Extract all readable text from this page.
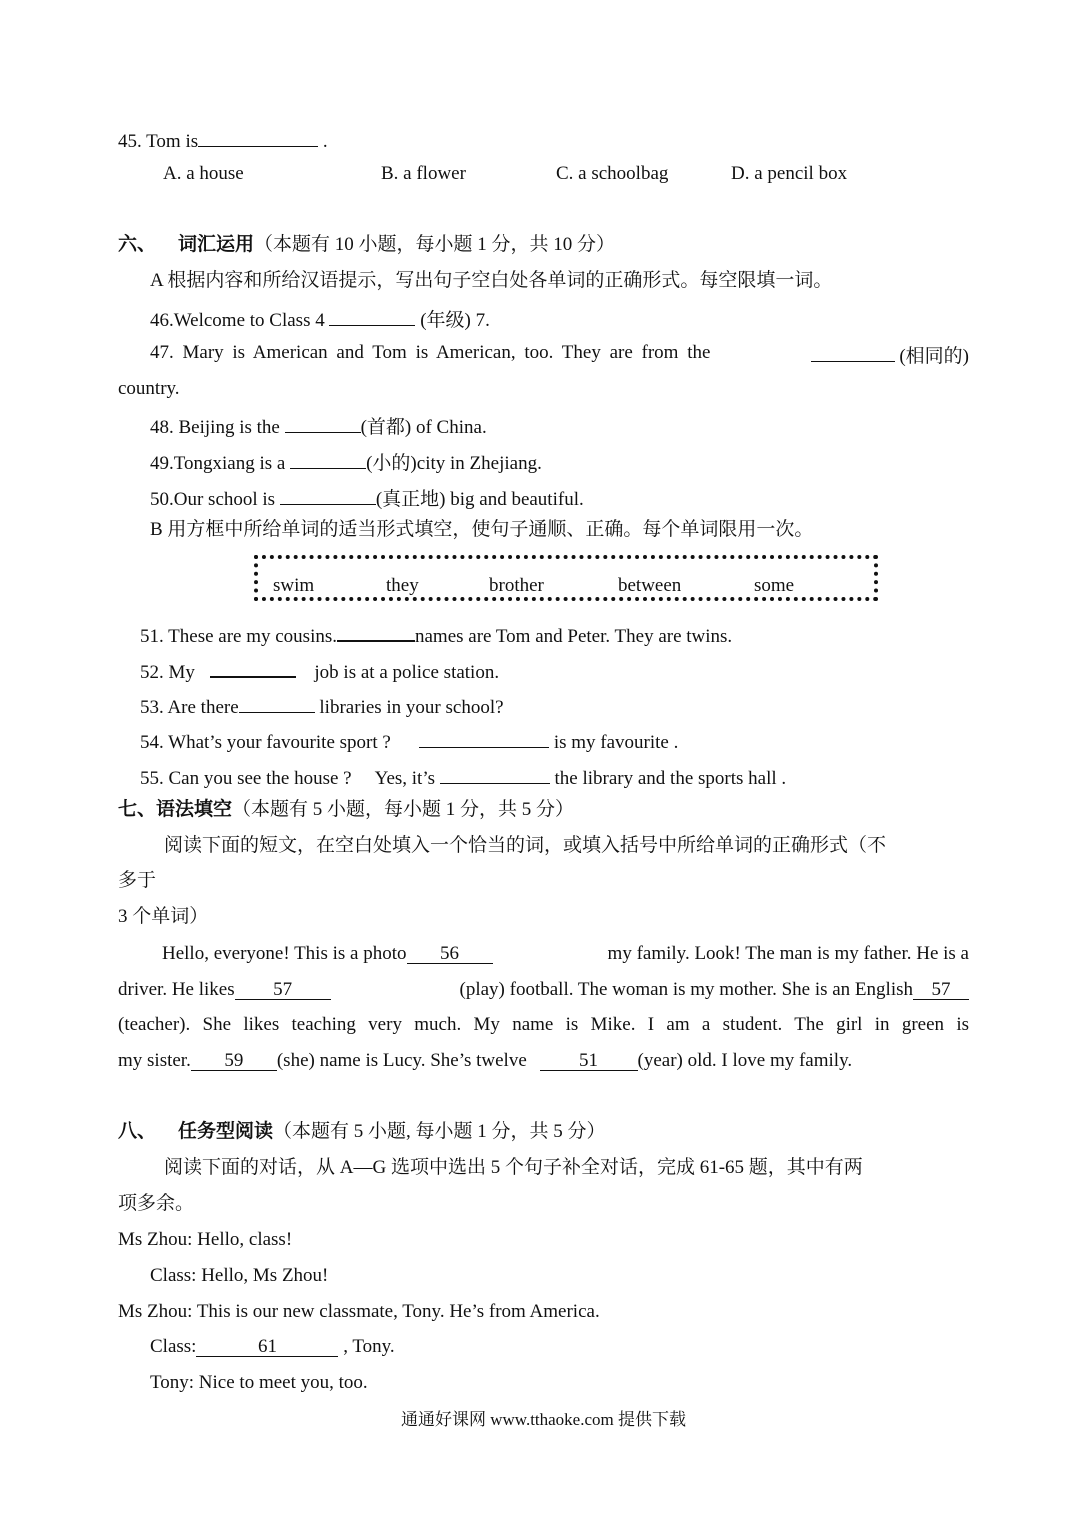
45. Tom is	.
A. a house	B. a flower	C. a schoolbag	D. a pencil box
六、 词汇运用（本题有 10 小题，每小题 1 分，共 10 分）
A 根据内容和所给汉语提示，写出句子空白处各单词的正确形式。每空限填一词。
46.Welcome to Class 4	(年级) 7.
47. Mary is American and Tom is American, too. They are from the	(相同的)
country.
48. Beijing is the	(首都) of China.
49.Tongxiang is a	(小的)city in Zhejiang.
50.Our school is	(真正地) big and beautiful.
B 用方框中所给单词的适当形式填空，使句子通顺、正确。每个单词限用一次。
swim	they	brother	between	some
51. These are my cousins.	names are Tom and Peter. They are twins.
52. My	job is at a police station.
53. Are there	libraries in your school?
54. What’s your favourite sport ?	is my favourite .
55. Can you see the house ?     Yes, it’s	the library and the sports hall .
七、语法填空（本题有 5 小题，每小题 1 分，共 5 分）
阅读下面的短文，在空白处填入一个恰当的词，或填入括号中所给单词的正确形式（不
多于
3 个单词）
Hello, everyone! This is a photo 56	my family. Look! The man is my father. He is a
driver. He likes 57	(play) football. The woman is my mother. She is an English 57
(teacher). She likes teaching very much. My name is Mike. I am a student. The girl in green is
my sister. 59 (she) name is Lucy. She’s twelve	51 (year) old. I love my family.
八、 任务型阅读（本题有 5 小题, 每小题 1 分，共 5 分）
阅读下面的对话，从 A—G 选项中选出 5 个句子补全对话，完成 61-65 题，其中有两
项多余。
Ms Zhou: Hello, class!
Class: Hello, Ms Zhou!
Ms Zhou: This is our new classmate, Tony. He’s from America.
Class:	61	, Tony.
Tony: Nice to meet you, too.
通通好课网 www.tthaoke.com 提供下载
